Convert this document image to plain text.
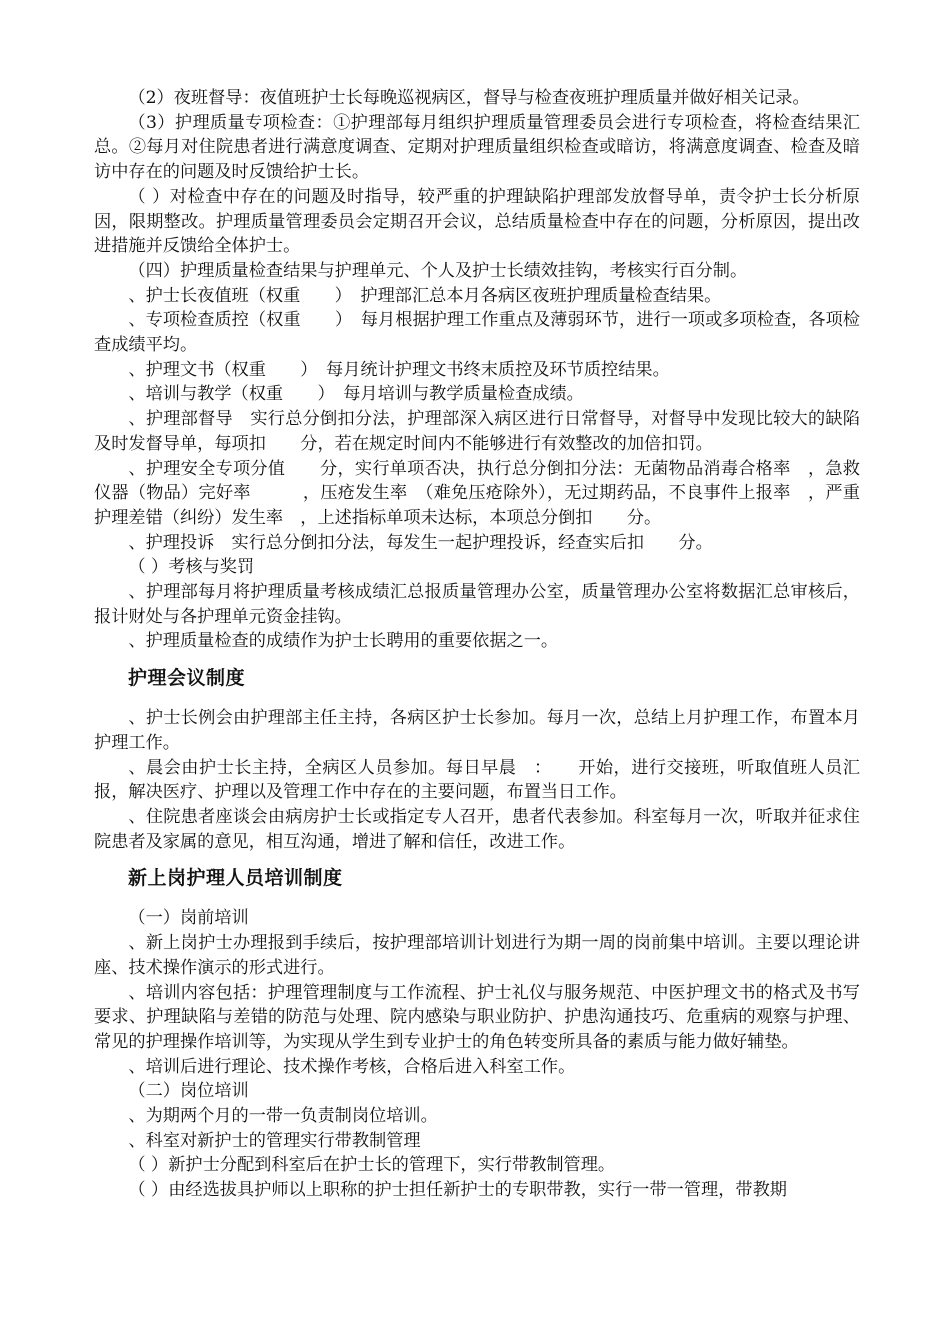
（2）夜班督导：夜值班护士长每晚巡视病区，督导与检查夜班护理质量并做好相关记录。

（3）护理质量专项检查：①护理部每月组织护理质量管理委员会进行专项检查，将检查结果汇总。②每月对住院患者进行满意度调查、定期对护理质量组织检查或暗访，将满意度调查、检查及暗访中存在的问题及时反馈给护士长。

（ ）对检查中存在的问题及时指导，较严重的护理缺陷护理部发放督导单，责令护士长分析原因，限期整改。护理质量管理委员会定期召开会议，总结质量检查中存在的问题，分析原因，提出改进措施并反馈给全体护士。

（四）护理质量检查结果与护理单元、个人及护士长绩效挂钩，考核实行百分制。

、护士长夜值班（权重　　）　护理部汇总本月各病区夜班护理质量检查结果。

、专项检查质控（权重　　）　每月根据护理工作重点及薄弱环节，进行一项或多项检查，各项检查成绩平均。

、护理文书（权重　　）　每月统计护理文书终末质控及环节质控结果。

、培训与教学（权重　　）　每月培训与教学质量检查成绩。

、护理部督导　实行总分倒扣分法，护理部深入病区进行日常督导，对督导中发现比较大的缺陷及时发督导单，每项扣　　分，若在规定时间内不能够进行有效整改的加倍扣罚。

、护理安全专项分值　　分，实行单项否决，执行总分倒扣分法：无菌物品消毒合格率　，急救仪器（物品）完好率　　　，压疮发生率　（难免压疮除外），无过期药品，不良事件上报率　，严重护理差错（纠纷）发生率　，上述指标单项未达标，本项总分倒扣　　分。

、护理投诉　实行总分倒扣分法，每发生一起护理投诉，经查实后扣　　分。

（ ）考核与奖罚

、护理部每月将护理质量考核成绩汇总报质量管理办公室，质量管理办公室将数据汇总审核后，报计财处与各护理单元资金挂钩。

、护理质量检查的成绩作为护士长聘用的重要依据之一。

护理会议制度

、护士长例会由护理部主任主持，各病区护士长参加。每月一次，总结上月护理工作，布置本月护理工作。

、晨会由护士长主持，全病区人员参加。每日早晨　：　　开始，进行交接班，听取值班人员汇报，解决医疗、护理以及管理工作中存在的主要问题，布置当日工作。

、住院患者座谈会由病房护士长或指定专人召开，患者代表参加。科室每月一次，听取并征求住院患者及家属的意见，相互沟通，增进了解和信任，改进工作。

新上岗护理人员培训制度

（一）岗前培训

、新上岗护士办理报到手续后，按护理部培训计划进行为期一周的岗前集中培训。主要以理论讲座、技术操作演示的形式进行。

、培训内容包括：护理管理制度与工作流程、护士礼仪与服务规范、中医护理文书的格式及书写要求、护理缺陷与差错的防范与处理、院内感染与职业防护、护患沟通技巧、危重病的观察与护理、常见的护理操作培训等，为实现从学生到专业护士的角色转变所具备的素质与能力做好辅垫。

、培训后进行理论、技术操作考核，合格后进入科室工作。

（二）岗位培训

、为期两个月的一带一负责制岗位培训。

、科室对新护士的管理实行带教制管理

（ ）新护士分配到科室后在护士长的管理下，实行带教制管理。

（ ）由经选拔具护师以上职称的护士担任新护士的专职带教，实行一带一管理，带教期
